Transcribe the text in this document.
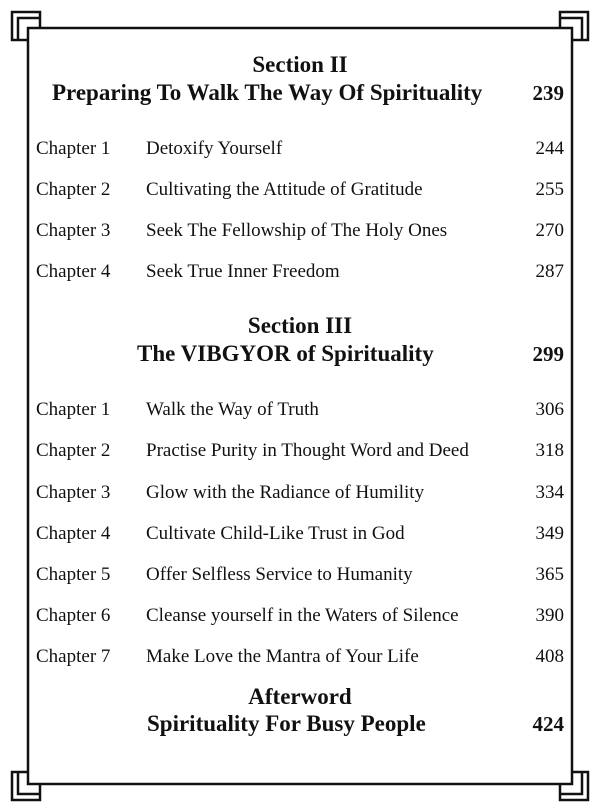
Section II
Preparing To Walk The Way Of Spirituality 239
Chapter 1 Detoxify Yourself	244
Chapter 2 Cultivating the Attitude of Gratitude	255
Chapter 3 Seek The Fellowship of The Holy Ones	270
Chapter 4 Seek True Inner Freedom	287
Section III
The VIBGYOR of Spirituality	299
Chapter 1 Walk the Way of Truth	306
Chapter 2 Practise Purity in Thought Word and Deed	318
Chapter 3 Glow with the Radiance of Humility	334
Chapter 4 Cultivate Child-Like Trust in God	349
Chapter 5 Offer Selfless Service to Humanity	365
Chapter 6 Cleanse yourself in the Waters of Silence	390
Chapter 7 Make Love the Mantra of Your Life	408
Afterword
Spirituality For Busy People	424
